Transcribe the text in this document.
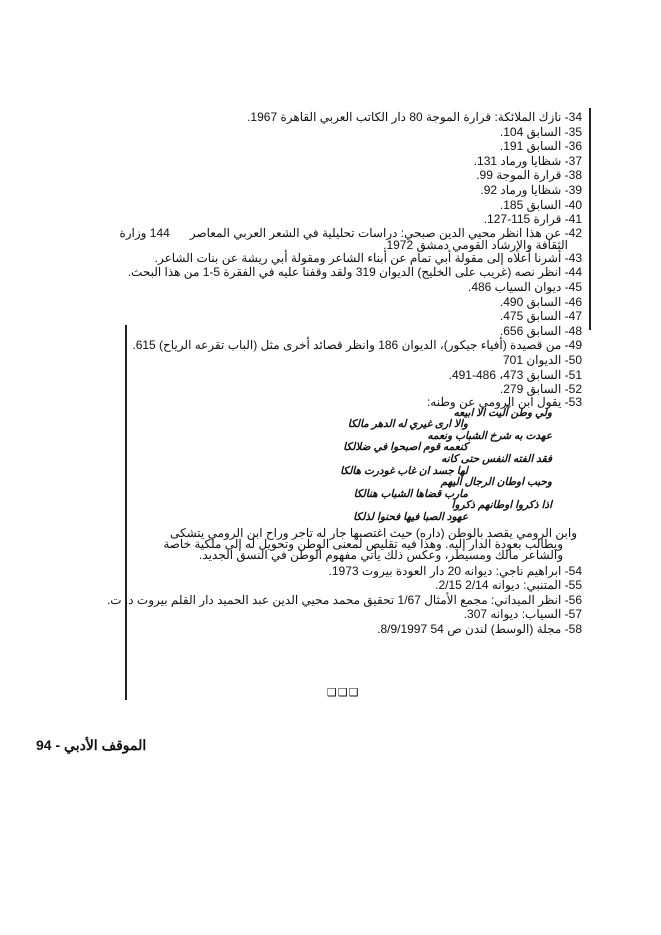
34- نازك الملائكة: قرارة الموجة 80 دار الكاتب العربي القاهرة 1967.
35- السابق 104.
36- السابق 191.
37- شظايا ورماد 131.
38- قرارة الموجة 99.
39- شظايا ورماد 92.
40- السابق 185.
41- قرارة 115-127.
42- عن هذا انظر محيي الدين صبحي: دراسات تحليلية في الشعر العربي المعاصر      144 وزارة الثقافة والإرشاد القومي دمشق 1972.
43- أشرنا أعلاه إلى مقولة أبي تمام عن أبناء الشاعر ومقولة أبي ريشة عن بنات الشاعر.
44- انظر نصه (غريب على الخليج) الديوان 319 ولقد وقفنا عليه في الفقرة 5-1 من هذا البحث.
45- ديوان السياب 486.
46- السابق 490.
47- السابق 475.
48- السابق 656.
49- من قصيدة (أفياء جيكور)، الديوان 186 وانظر قصائد أخرى مثل (الباب تقرعه الرياح) 615.
50- الديوان 701
51- السابق 473، 486-491.
52- السابق 279.
53- يقول ابن الرومي عن وطنه:
ولي وطن آليت الا ابيعه
والا ارى غيري له الدهر مالكا
عهدت به شرخ الشباب ونعمه
كنعمه قوم اصبحوا في ضلالكا
فقد الفته النفس حتى كانه
لها جسد ان غاب غودرت هالكا
وحبب اوطان الرجال اليهم
مارب قضاها الشباب هنالكا
اذا ذكروا اوطانهم ذكروا
عهود الصبا فيها فحنوا لذلكا
وابن الرومي يقصد بالوطن (داره) حيث اغتصبها جار له تاجر وراح ابن الرومي يتشكى ويطالب بعودة الدار إليه. وهذا فيه تقليص لمعنى الوطن وتحويل له إلى ملكية خاصة والشاعر مالك ومسيطر، وعكس ذلك يأتي مفهوم الوطن في النسق الجديد.
54- ابراهيم ناجي: ديوانه 20 دار العودة بيروت 1973.
55- المتنبي: ديوانه 2/14 2/15.
56- انظر الميداني: مجمع الأمثال 1/67 تحقيق محمد محيي الدين عبد الحميد دار القلم بيروت د. ت.
57- السياب: ديوانه 307.
58- مجلة (الوسط) لندن ص 54 8/9/1997.
❑❑❑
الموقف الأدبي - 94
